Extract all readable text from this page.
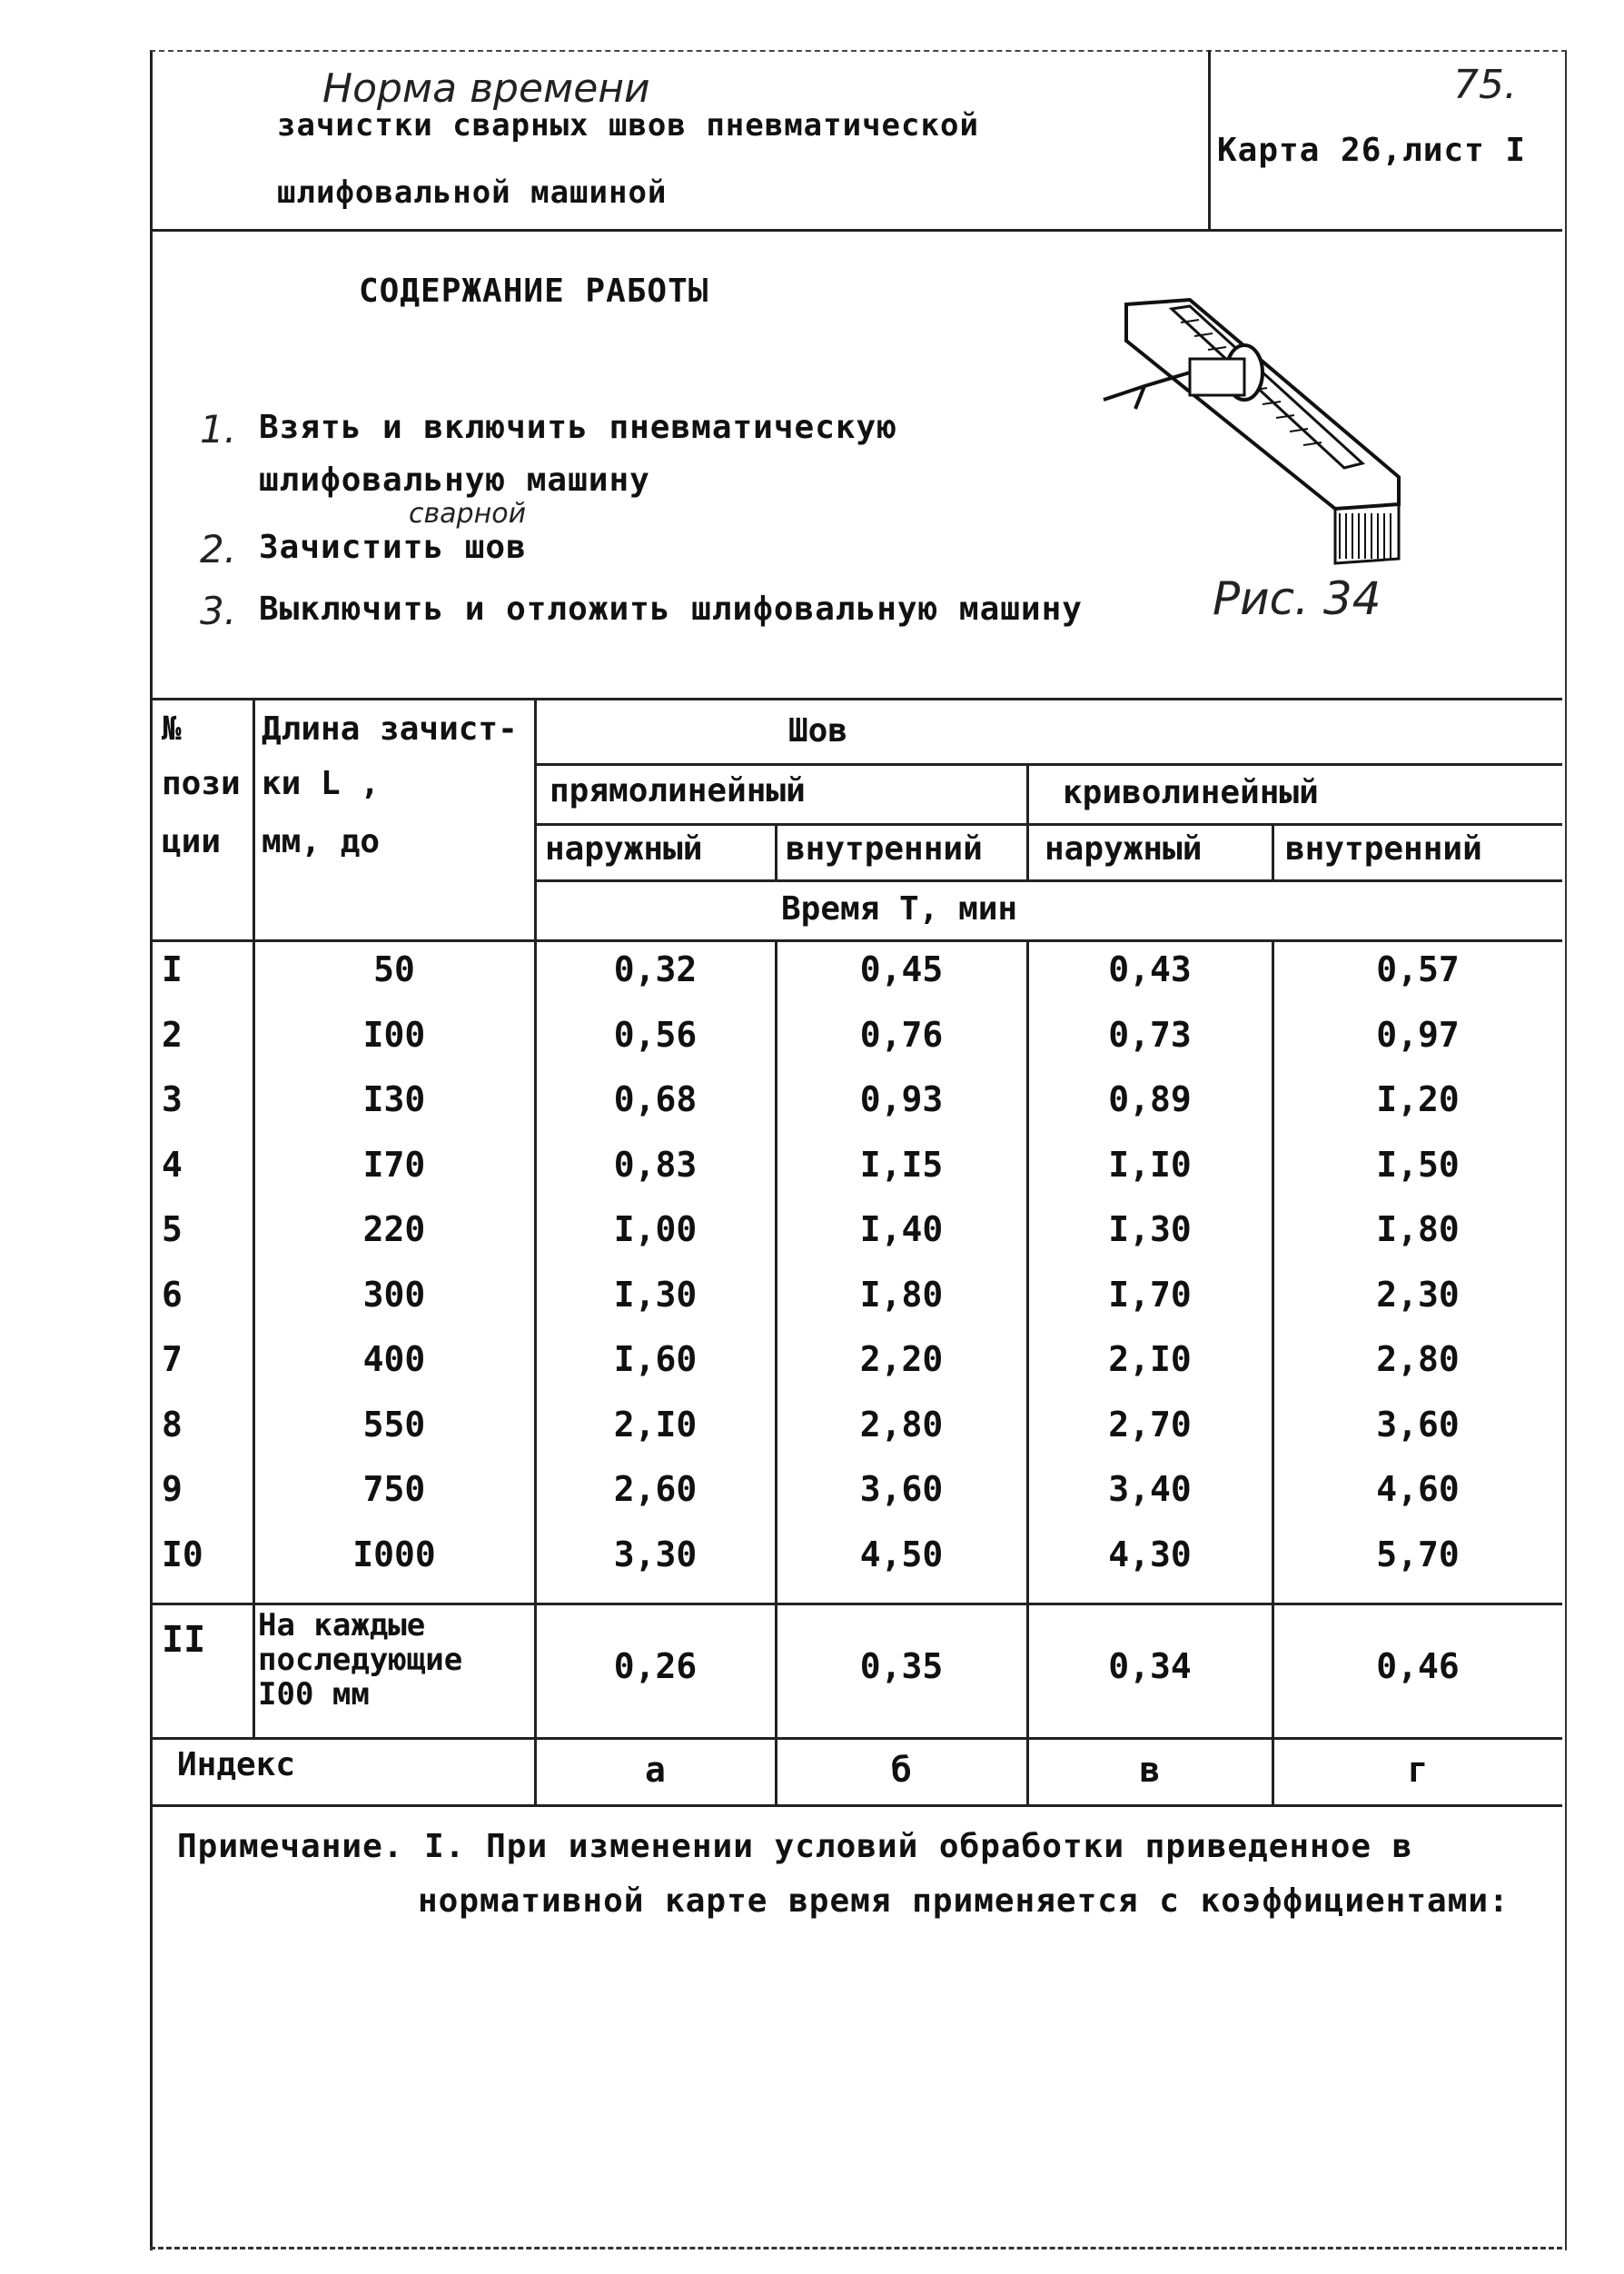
Норма времени
зачистки сварных швов пневматической
шлифовальной машиной
75.
Карта 26,лист I
СОДЕРЖАНИЕ РАБОТЫ
1. Взять и включить пневматическую
шлифовальную машину
сварной
2. Зачистить шов
3. Выключить и отложить шлифовальную машину	Рис. 34
№
пози
ции
Длина зачист-
ки L ,
мм, до
Шов
прямолинейный	криволинейный
наружный	внутренний наружный	внутренний
Время Т, мин
I	50	0,32	0,45	0,43	0,57
2	I00	0,56	0,76	0,73	0,97
3	I30	0,68	0,93	0,89	I,20
4	I70	0,83	I,I5	I,I0	I,50
5	220	I,00	I,40	I,30	I,80
6	300	I,30	I,80	I,70	2,30
7	400	I,60	2,20	2,I0	2,80
8	550	2,I0	2,80	2,70	3,60
9	750	2,60	3,60	3,40	4,60
I0	I000	3,30	4,50	4,30	5,70
II На каждые
последующие
I00 мм
0,26	0,35	0,34	0,46
Индекс	а	б	в	г
Примечание. I. При изменении условий обработки приведенное в
нормативной карте время применяется с коэффициентами:
